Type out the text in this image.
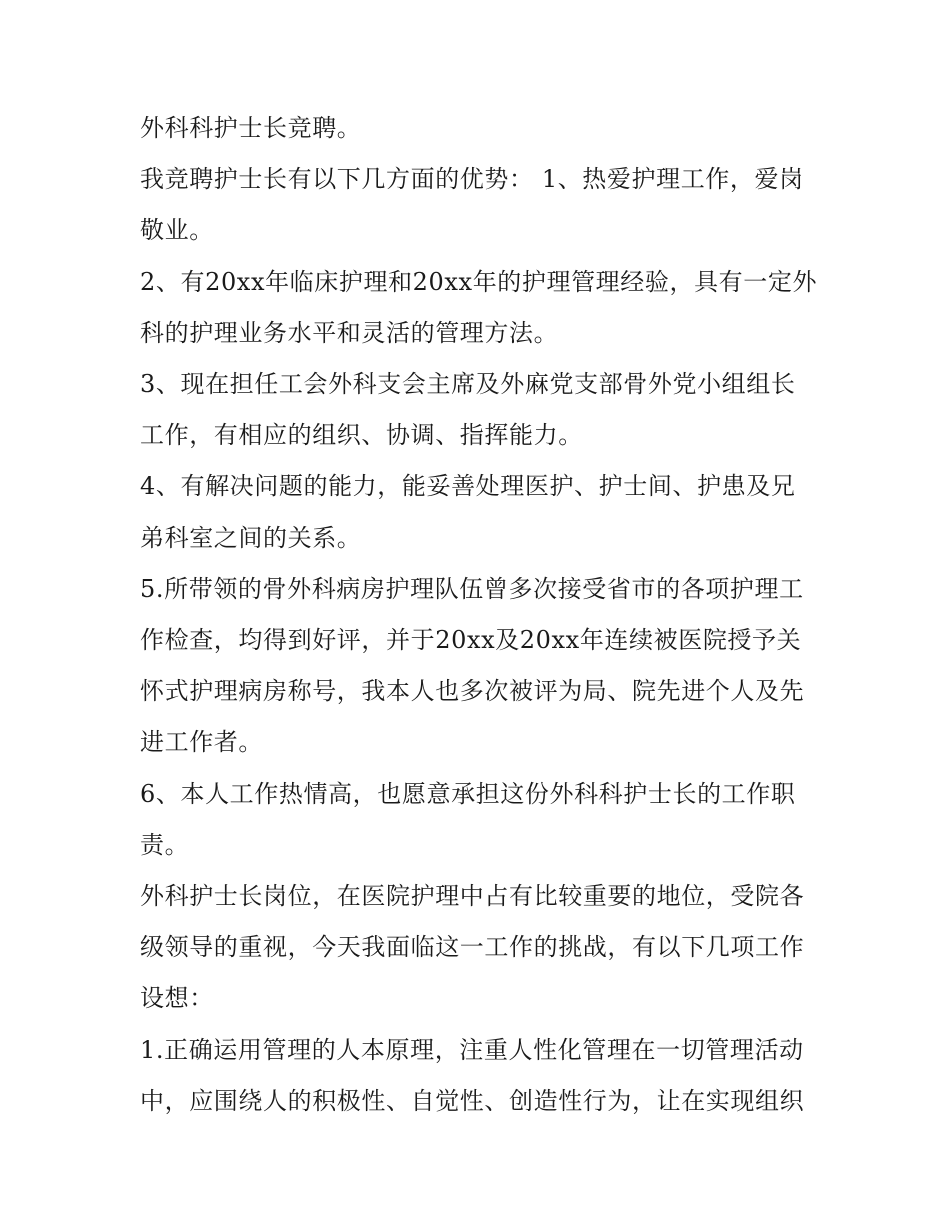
外科科护士长竞聘。

我竞聘护士长有以下几方面的优势： 1、热爱护理工作，爱岗敬业。

2、有20xx年临床护理和20xx年的护理管理经验，具有一定外科的护理业务水平和灵活的管理方法。

3、现在担任工会外科支会主席及外麻党支部骨外党小组组长工作，有相应的组织、协调、指挥能力。

4、有解决问题的能力，能妥善处理医护、护士间、护患及兄弟科室之间的关系。

5.所带领的骨外科病房护理队伍曾多次接受省市的各项护理工作检查，均得到好评，并于20xx及20xx年连续被医院授予关怀式护理病房称号，我本人也多次被评为局、院先进个人及先进工作者。

6、本人工作热情高，也愿意承担这份外科科护士长的工作职责。

外科护士长岗位，在医院护理中占有比较重要的地位，受院各级领导的重视，今天我面临这一工作的挑战，有以下几项工作设想：

1.正确运用管理的人本原理，注重人性化管理在一切管理活动中，应围绕人的积极性、自觉性、创造性行为，让在实现组织
